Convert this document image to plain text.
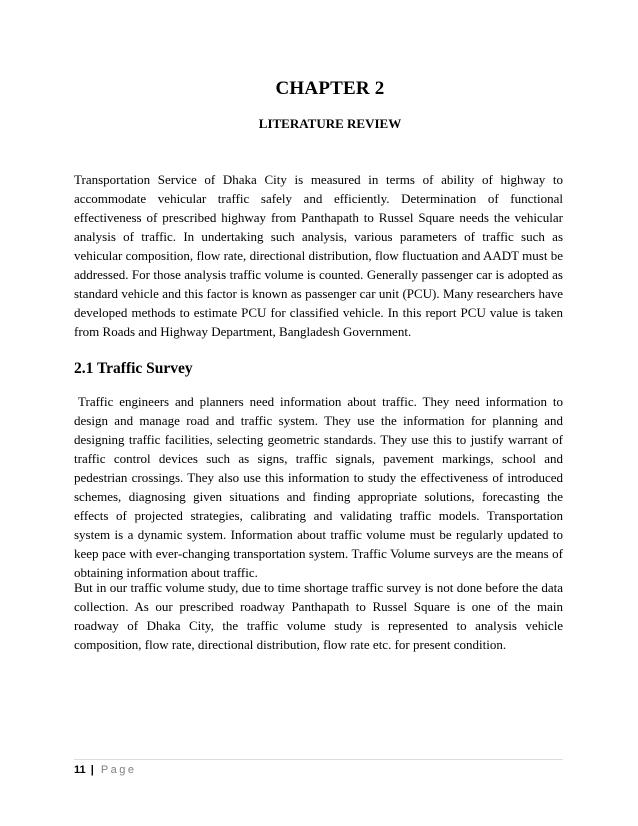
CHAPTER 2
LITERATURE REVIEW

Transportation Service of Dhaka City is measured in terms of ability of highway to accommodate vehicular traffic safely and efficiently. Determination of functional effectiveness of prescribed highway from Panthapath to Russel Square needs the vehicular analysis of traffic. In undertaking such analysis, various parameters of traffic such as vehicular composition, flow rate, directional distribution, flow fluctuation and AADT must be addressed. For those analysis traffic volume is counted. Generally passenger car is adopted as standard vehicle and this factor is known as passenger car unit (PCU). Many researchers have developed methods to estimate PCU for classified vehicle. In this report PCU value is taken from Roads and Highway Department, Bangladesh Government.

2.1 Traffic Survey

Traffic engineers and planners need information about traffic. They need information to design and manage road and traffic system. They use the information for planning and designing traffic facilities, selecting geometric standards. They use this to justify warrant of traffic control devices such as signs, traffic signals, pavement markings, school and pedestrian crossings. They also use this information to study the effectiveness of introduced schemes, diagnosing given situations and finding appropriate solutions, forecasting the effects of projected strategies, calibrating and validating traffic models. Transportation system is a dynamic system. Information about traffic volume must be regularly updated to keep pace with ever-changing transportation system. Traffic Volume surveys are the means of obtaining information about traffic.

But in our traffic volume study, due to time shortage traffic survey is not done before the data collection. As our prescribed roadway Panthapath to Russel Square is one of the main roadway of Dhaka City, the traffic volume study is represented to analysis vehicle composition, flow rate, directional distribution, flow rate etc. for present condition.

11 | Page
